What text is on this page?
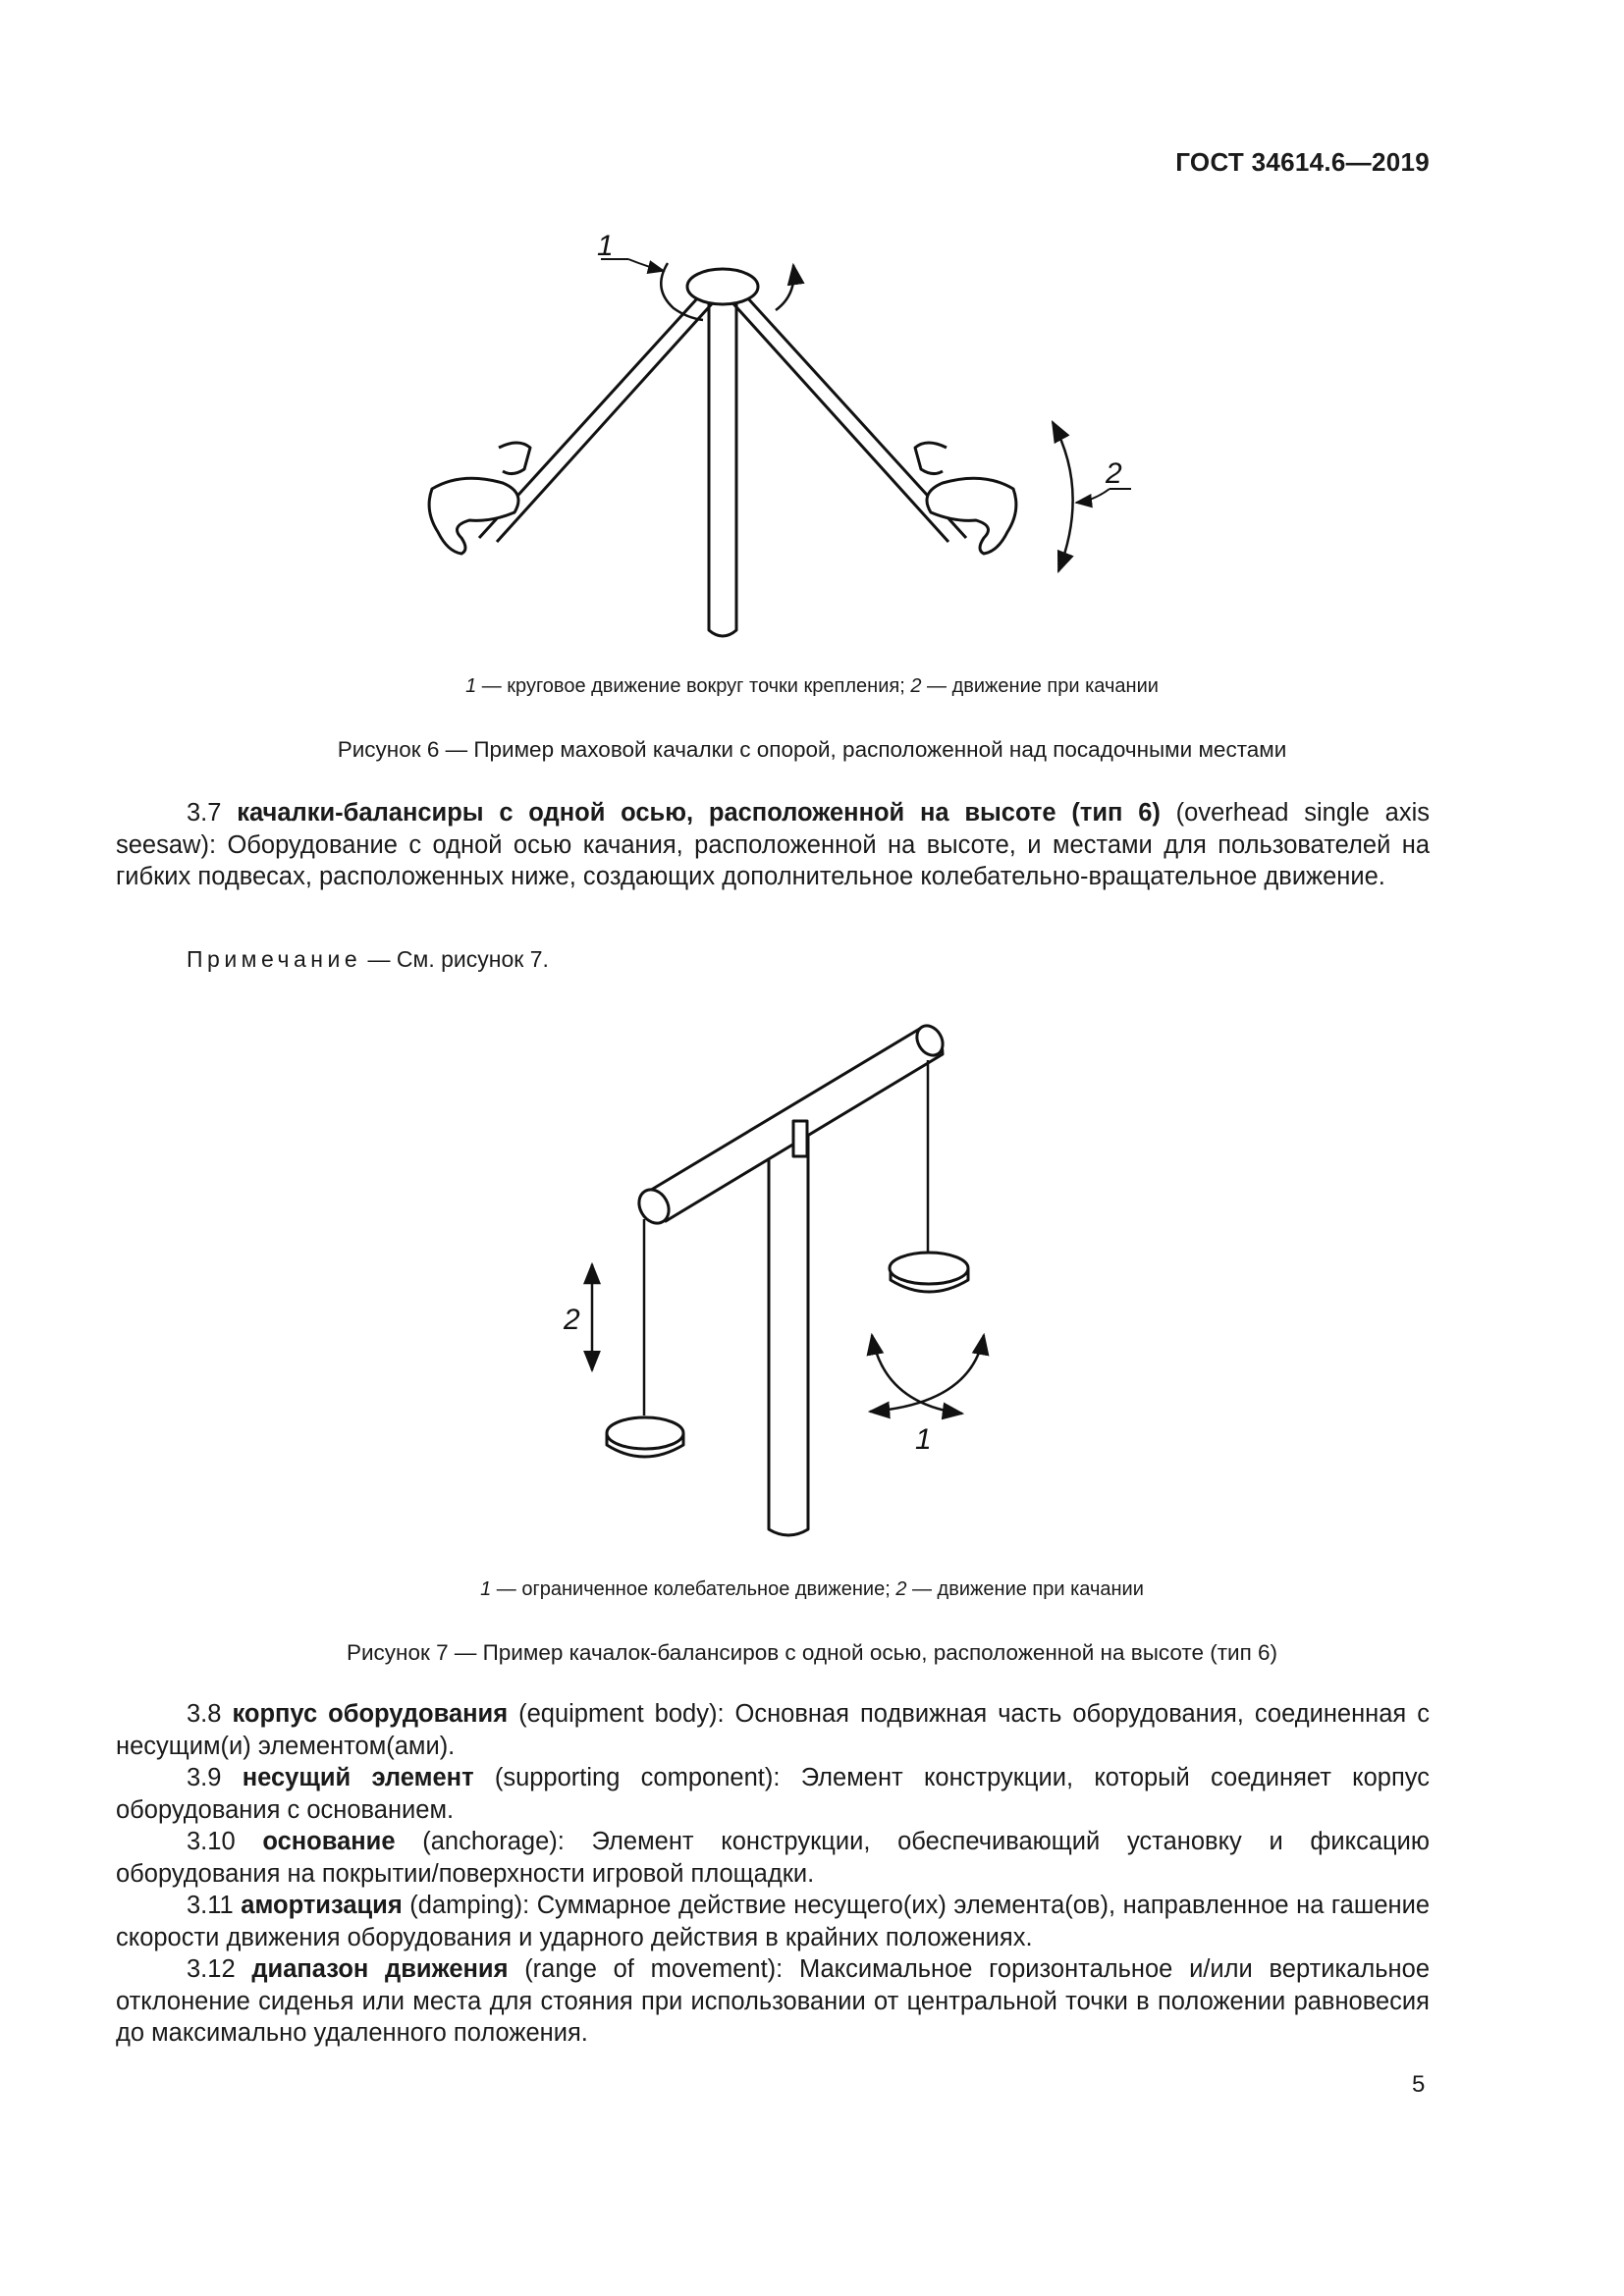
ГОСТ 34614.6—2019
1
2
1 — круговое движение вокруг точки крепления; 2 — движение при качании
Рисунок 6 — Пример маховой качалки с опорой, расположенной над посадочными местами
3.7 качалки-балансиры с одной осью, расположенной на высоте (тип 6) (overhead single axis seesaw): Оборудование с одной осью качания, расположенной на высоте, и местами для пользователей на гибких подвесах, расположенных ниже, создающих дополнительное колебательно-вращательное движение.
Примечание — См. рисунок 7.
2
1
1 — ограниченное колебательное движение; 2 — движение при качании
Рисунок 7 — Пример качалок-балансиров с одной осью, расположенной на высоте (тип 6)
3.8 корпус оборудования (equipment body): Основная подвижная часть оборудования, соединенная с несущим(и) элементом(ами).
3.9 несущий элемент (supporting component): Элемент конструкции, который соединяет корпус оборудования с основанием.
3.10 основание (anchorage): Элемент конструкции, обеспечивающий установку и фиксацию оборудования на покрытии/поверхности игровой площадки.
3.11 амортизация (damping): Суммарное действие несущего(их) элемента(ов), направленное на гашение скорости движения оборудования и ударного действия в крайних положениях.
3.12 диапазон движения (range of movement): Максимальное горизонтальное и/или вертикальное отклонение сиденья или места для стояния при использовании от центральной точки в положении равновесия до максимально удаленного положения.
5
